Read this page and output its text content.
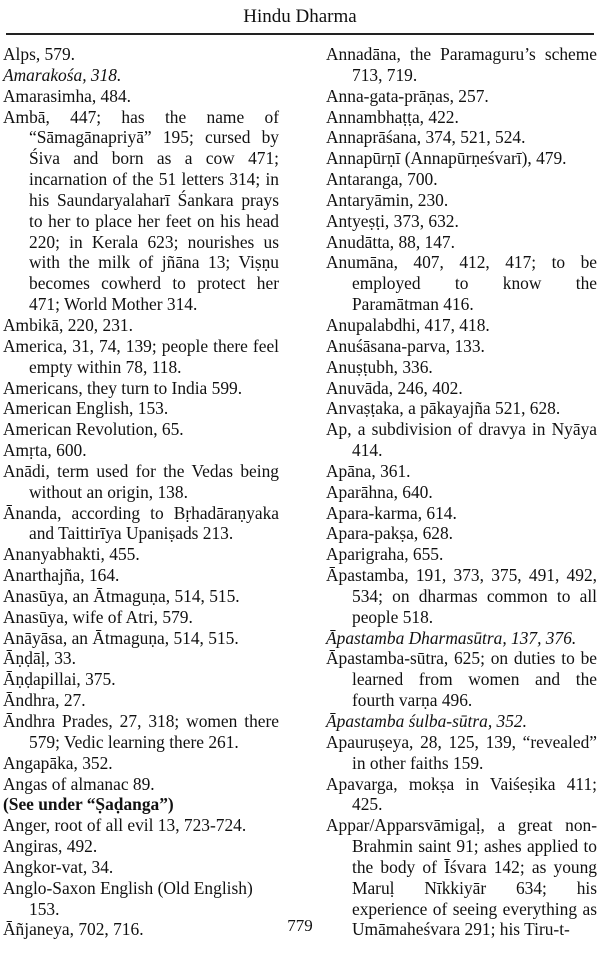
Hindu Dharma

Alps, 579.

Amarakośa, 318.

Amarasimha, 484.

Ambā, 447; has the name of “Sāmagānapriyā” 195; cursed by Śiva and born as a cow 471; incarnation of the 51 letters 314; in his Saundaryalaharī Śankara prays to her to place her feet on his head 220; in Kerala 623; nourishes us with the milk of jñāna 13; Viṣṇu becomes cowherd to protect her 471; World Mother 314.

Ambikā, 220, 231.

America, 31, 74, 139; people there feel empty within 78, 118.

Americans, they turn to India 599.

American English, 153.

American Revolution, 65.

Amṛta, 600.

Anādi, term used for the Vedas being without an origin, 138.

Ānanda, according to Bṛhadāraṇyaka and Taittirīya Upaniṣads 213.

Ananyabhakti, 455.

Anarthajña, 164.

Anasūya, an Ātmaguṇa, 514, 515.

Anasūya, wife of Atri, 579.

Anāyāsa, an Ātmaguṇa, 514, 515.

Āṇḍāḷ, 33.

Āṇḍapillai, 375.

Āndhra, 27.

Āndhra Prades, 27, 318; women there 579; Vedic learning there 261.

Angapāka, 352.

Angas of almanac 89.

(See under “Ṣaḍanga”)

Anger, root of all evil 13, 723-724.

Angiras, 492.

Angkor-vat, 34.

Anglo-Saxon English (Old English) 153.

Āñjaneya, 702, 716.

Annadāna, the Paramaguru’s scheme 713, 719.

Anna-gata-prāṇas, 257.

Annambhaṭṭa, 422.

Annaprāśana, 374, 521, 524.

Annapūrṇī (Annapūrṇeśvarī), 479.

Antaranga, 700.

Antaryāmin, 230.

Antyeṣṭi, 373, 632.

Anudātta, 88, 147.

Anumāna, 407, 412, 417; to be employed to know the Paramātman 416.

Anupalabdhi, 417, 418.

Anuśāsana-parva, 133.

Anuṣṭubh, 336.

Anuvāda, 246, 402.

Anvaṣṭaka, a pākayajña 521, 628.

Ap, a subdivision of dravya in Nyāya 414.

Apāna, 361.

Aparāhna, 640.

Apara-karma, 614.

Apara-pakṣa, 628.

Aparigraha, 655.

Āpastamba, 191, 373, 375, 491, 492, 534; on dharmas common to all people 518.

Āpastamba Dharmasūtra, 137, 376.

Āpastamba-sūtra, 625; on duties to be learned from women and the fourth varṇa 496.

Āpastamba śulba-sūtra, 352.

Apauruṣeya, 28, 125, 139, “revealed” in other faiths 159.

Apavarga, mokṣa in Vaiśeṣika 411; 425.

Appar/Apparsvāmigaḷ, a great non-Brahmin saint 91; ashes applied to the body of Īśvara 142; as young Maruḷ Nīkkiyār 634; his experience of seeing everything as Umāmaheśvara 291; his Tiru-t-

779
